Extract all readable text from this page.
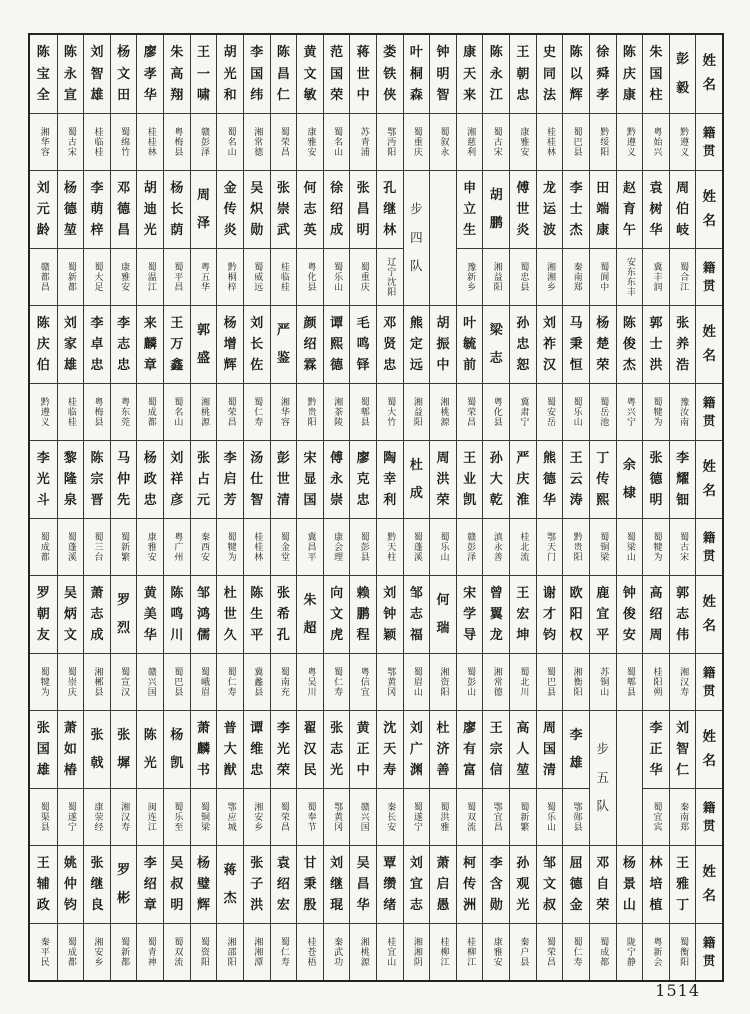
陈
宝
全
湘华容
陈
永
宣
蜀古宋
刘
智
雄
桂临桂
杨
文
田
蜀绵竹
廖
孝
华
桂桂林
朱
高
翔
粤梅县
王
一
啸
赣彭泽
胡
光
和
蜀名山
李
国
纬
湘常德
陈
昌
仁
蜀荣昌
黄
文
敏
康雅安
范
国
荣
蜀名山
蒋
世
中
苏青浦
娄
铁
侠
鄂沔阳
叶
桐
森
蜀重庆
钟
明
智
蜀叙永
康
天
来
湘慈利
陈
永
江
蜀古宋
王
朝
忠
康雅安
史
同
法
桂桂林
陈
以
辉
蜀巴县
徐
舜
孝
黔绥阳
陈
庆
康
黔遵义
朱
国
柱
粤始兴
彭
毅
黔遵义
姓
名
籍
贯
刘
元
龄
赣都昌
杨
德
堃
蜀新都
李
萌
梓
蜀大足
邓
德
昌
康雅安
胡
迪
光
蜀温江
杨
长
荫
蜀平昌
周
泽
粤五华
金
传
炎
黔桐梓
吴
炽
勋
蜀威远
张
崇
武
桂临桂
何
志
英
粤化县
徐
绍
成
蜀乐山
张
昌
明
蜀重庆
孔
继
林
辽宁沈阳
步
四
队
申
立
生
豫新乡
胡
鹏
湘益阳
傅
世
炎
蜀忠县
龙
运
波
湘湘乡
李
士
杰
秦南郑
田
端
康
蜀阆中
赵
育
午
安东东丰
袁
树
华
冀丰润
周
伯
岐
蜀合江
姓
名
籍
贯
陈
庆
伯
黔遵义
刘
家
雄
桂临桂
李
卓
忠
粤梅县
李
志
忠
粤东莞
来
麟
章
蜀成都
王
万
鑫
蜀名山
郭
盛
湘桃源
杨
增
辉
蜀荣昌
刘
长
佐
蜀仁寿
严
鉴
湘华容
颜
绍
霖
黔贵阳
谭
熙
德
湘茶陵
毛
鸣
铎
蜀郫县
邓
贤
忠
蜀大竹
熊
定
远
湘益阳
胡
振
中
湘桃源
叶
毓
前
蜀荣昌
梁
志
粤化县
孙
忠
恕
冀肃宁
刘
祚
汉
蜀安岳
马
秉
恒
蜀乐山
杨
楚
荣
蜀岳池
陈
俊
杰
粤兴宁
郭
士
洪
蜀犍为
张
养
浩
豫汝南
姓
名
籍
贯
李
光
斗
蜀成都
黎
隆
泉
蜀蓬溪
陈
宗
晋
蜀三台
马
仲
先
蜀新繁
杨
政
忠
康雅安
刘
祥
彦
粤广州
张
占
元
秦西安
李
启
芳
蜀犍为
汤
仕
智
桂桂林
彭
世
清
蜀金堂
宋
显
国
冀昌平
傅
永
崇
康会理
廖
克
忠
蜀彭县
陶
幸
利
黔天柱
杜
成
蜀蓬溪
周
洪
荣
蜀乐山
王
业
凯
赣彭泽
孙
大
乾
滇永善
严
庆
淮
桂北流
熊
德
华
鄂天门
王
云
涛
黔贵阳
丁
传
熙
蜀铜梁
余
棣
蜀梁山
张
德
明
蜀犍为
李
耀
钿
蜀古宋
姓
名
籍
贯
罗
朝
友
蜀犍为
吴
炳
文
蜀崇庆
萧
志
成
湘郴县
罗
烈
蜀宣汉
黄
美
华
赣兴国
陈
鸣
川
蜀巴县
邹
鸿
儒
蜀峨眉
杜
世
久
蜀仁寿
陈
生
平
冀蠡县
张
希
孔
蜀南充
朱
超
粤吴川
向
文
虎
蜀仁寿
赖
鹏
程
粤信宜
刘
钟
颖
鄂黄冈
邹
志
福
蜀眉山
何
瑞
湘资阳
宋
学
导
蜀彭山
曾
翼
龙
湘常德
王
宏
坤
蜀北川
谢
才
钧
蜀巴县
欧
阳
权
湘衡阳
鹿
宜
平
苏铜山
钟
俊
安
蜀郫县
高
绍
周
桂阳朔
郭
志
伟
湘汉寿
姓
名
籍
贯
张
国
雄
蜀渠县
萧
如
椿
蜀遂宁
张
戟
康荥经
张
墀
湘汉寿
陈
光
闽连江
杨
凯
蜀乐至
萧
麟
书
蜀铜梁
普
大
猷
鄂应城
谭
维
忠
湘安乡
李
光
荣
蜀荣昌
翟
汉
民
蜀奉节
张
志
光
鄂黄冈
黄
正
中
赣兴国
沈
天
寿
秦长安
刘
广
渊
蜀遂宁
杜
济
善
蜀洪雅
廖
有
富
蜀双流
王
宗
信
鄂宜昌
高
人
堃
蜀新繁
周
国
清
蜀乐山
李
雄
鄂郧县
步
五
队
李
正
华
蜀宜宾
刘
智
仁
秦南郑
姓
名
籍
贯
王
辅
政
秦平民
姚
仲
钧
蜀成都
张
继
良
湘安乡
罗
彬
蜀新都
李
绍
章
蜀青神
吴
叔
明
蜀双流
杨
璧
辉
蜀资阳
蒋
杰
湘邵阳
张
子
洪
湘湘潭
袁
绍
宏
蜀仁寿
甘
秉
殷
桂苍梧
刘
继
琨
秦武功
吴
昌
华
湘桃源
覃
缵
绪
桂宜山
刘
宜
志
湘湘阴
萧
启
愚
桂柳江
柯
传
洲
桂柳江
李
含
勋
康雅安
孙
观
光
秦户县
邹
文
叔
蜀荣昌
屈
德
金
蜀仁寿
邓
自
荣
蜀成都
杨
景
山
陇宁静
林
培
植
粤新会
王
雅
丁
蜀衡阳
姓
名
籍
贯
1514
